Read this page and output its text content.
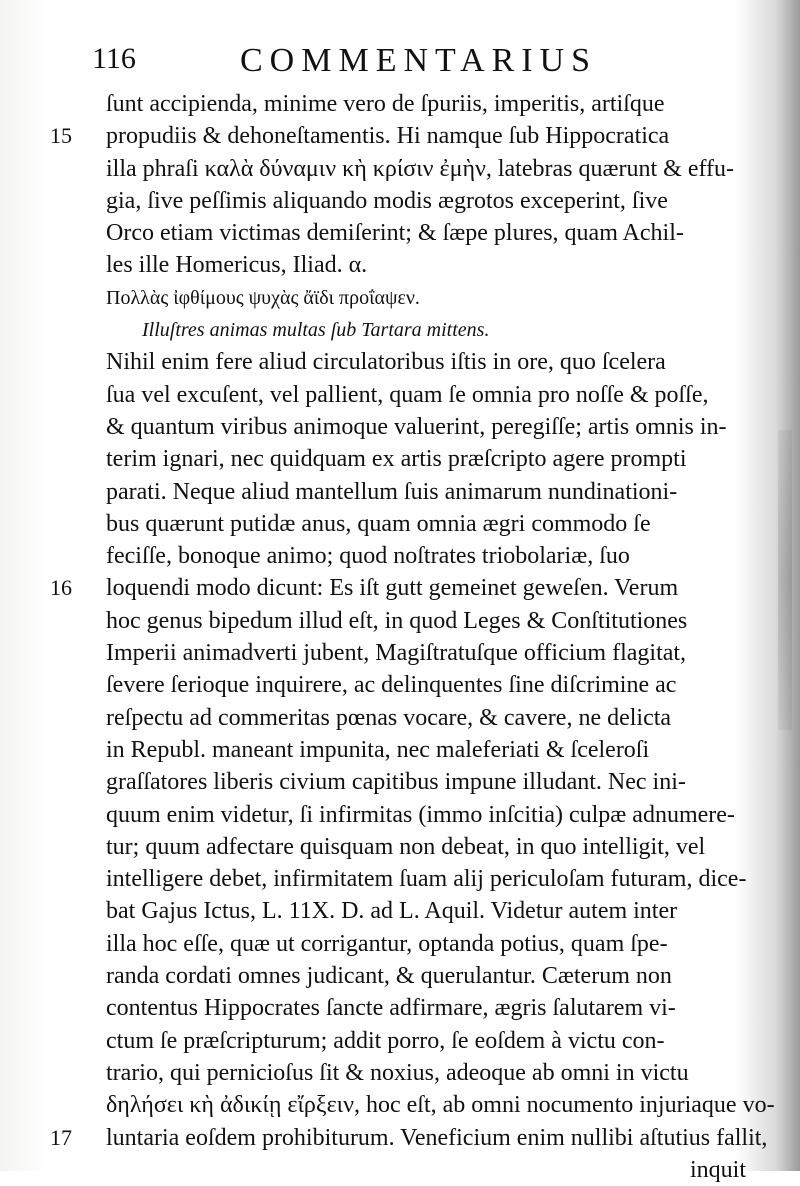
116	COMMENTARIUS
ſunt accipienda, minime vero de ſpuriis, imperitis, artiſque
15 propudiis & dehoneſtamentis. Hi namque ſub Hippocratica
illa phraſi καλὰ δύναμιν κὴ κρίσιν ἐμὴν, latebras quærunt & effu-
gia, ſive peſſimis aliquando modis ægrotos exceperint, ſive
Orco etiam victimas demiſerint; & ſæpe plures, quam Achil-
les ille Homericus, Iliad. α.
Πολλὰς ἰφθίμους ψυχὰς ἄϊδι προΐαψεν.
Illuſtres animas multas ſub Tartara mittens.
Nihil enim fere aliud circulatoribus iſtis in ore, quo ſcelera
ſua vel excuſent, vel pallient, quam ſe omnia pro noſſe & poſſe,
& quantum viribus animoque valuerint, peregiſſe; artis omnis in-
terim ignari, nec quidquam ex artis præſcripto agere prompti
parati. Neque aliud mantellum ſuis animarum nundinationi-
bus quærunt putidæ anus, quam omnia ægri commodo ſe
feciſſe, bonoque animo; quod noſtrates triobolariæ, ſuo
16 loquendi modo dicunt: Es iſt gutt gemeinet geweſen. Verum
hoc genus bipedum illud eſt, in quod Leges & Conſtitutiones
Imperii animadverti jubent, Magiſtratuſque officium flagitat,
ſevere ſerioque inquirere, ac delinquentes ſine diſcrimine ac
reſpectu ad commeritas pœnas vocare, & cavere, ne delicta
in Republ. maneant impunita, nec maleferiati & ſceleroſi
graſſatores liberis civium capitibus impune illudant. Nec ini-
quum enim videtur, ſi infirmitas (immo inſcitia) culpæ adnumere-
tur; quum adfectare quisquam non debeat, in quo intelligit, vel
intelligere debet, infirmitatem ſuam alij periculoſam futuram, dice-
bat Gajus Ictus, L. 11X. D. ad L. Aquil. Videtur autem inter
illa hoc eſſe, quæ ut corrigantur, optanda potius, quam ſpe-
randa cordati omnes judicant, & querulantur. Cæterum non
contentus Hippocrates ſancte adfirmare, ægris ſalutarem vi-
ctum ſe præſcripturum; addit porro, ſe eoſdem à victu con-
trario, qui pernicioſus ſit & noxius, adeoque ab omni in victu
δηλήσει κὴ ἀδικίῃ εἴρξειν, hoc eſt, ab omni nocumento injuriaque vo-
17 luntaria eoſdem prohibiturum. Veneficium enim nullibi aſtutius fallit,
inquit
